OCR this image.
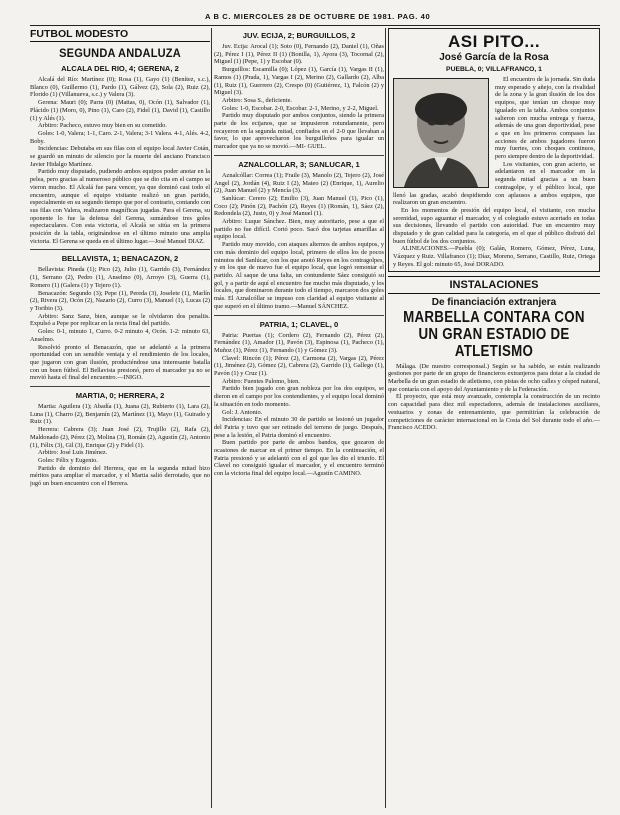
A B C. MIERCOLES 28 DE OCTUBRE DE 1981. PAG. 40
FUTBOL MODESTO
SEGUNDA ANDALUZA
ALCALA DEL RIO, 4; GERENA, 2

Alcalá del Río: Martínez (0); Rosa (1), Gayo (1) (Benítez, s.c.), Blanco (0), Guillermo (1), Pardo (1), Gálvez (2), Sola (2), Ruiz (2), Florido (1) (Villanueva, s.c.) y Valera (3).

Gerena: Mauri (0); Parra (0) (Mattas, 0), Ocón (1), Salvador (1), Plácido (1) (Moro, 0), Pino (1), Caro (2), Fidel (1), David (1), Castillo (1) y Alés (1).

Arbitro: Pacheco, estuvo muy bien en su cometido.

Goles: 1-0, Valera; 1-1, Caro. 2-1, Valera; 3-1 Valera. 4-1, Alés. 4-2, Boby.

Incidencias: Debutaba en sus filas con el equipo local Javier Cotán, se guardó un minuto de silencio por la muerte del anciano Francisco Javier Hidalgo Martínez.

Partido muy disputado, pudiendo ambos equipos poder anotar en la pelea, pero gracias al numeroso público que se dio cita en el campo se vieron mucho. El Alcalá fue para vencer, ya que dominó casi todo el encuentro, aunque el equipo visitante realizó un gran partido, especialmente en su segundo tiempo que por el contrario, contando con sus filas con Valera, realizaron magníficas jugadas. Para el Gerena, su oponente lo fue la defensa del Gerena, sumándose tres goles espectaculares. Con esta victoria, el Alcalá se sitúa en la primera posición de la tabla, originándose en el último minuto una amplia victoria. El Gerena se queda en el último lugar.—José Manuel DIAZ.

BELLAVISTA, 1; BENACAZON, 2

Bellavista: Pineda (1); Pico (2), Julio (1), Garrido (3), Fernández (1), Serrano (2), Pedro (1), Anselmo (0), Arroyo (3), Guerra (1), Romero (1) (Galera (1) y Tejero (1).

Benacazón: Segundo (3); Pepe (1), Pereda (3), Joselete (1), Marlín (2), Rivera (2), Ocón (2), Nazario (2), Curro (3), Manuel (1), Lucas (2) y Toribio (3).

Arbitro: Sanz Sanz, bien, aunque se le olvidaron dos penaltis. Expulsó a Pepe por replicar en la recta final del partido.

Goles: 0-1, minuto 1, Curro. 0-2 minuto 4, Ocón. 1-2: minuto 63, Anselmo.

Resolvió pronto el Benacazón, que se adelantó a la primera oportunidad con un sensible ventaja y el rendimiento de los locales, que jugaron con gran ilusión, produciéndose una interesante batalla con un buen fútbol. El Bellavista presionó, pero el marcador ya no se movió hasta el final del encuentro.—INIGO.

MARTIA, 0; HERRERA, 2

Martia: Aguilera (1); Abadía (1), Juana (2), Rubierto (1), Lara (2), Luna (1), Charro (2), Benjamín (2), Martínez (1), Mayo (1), Guirado y Ruiz (1).

Herrera: Cabrera (3); Juan José (2), Trujillo (2), Rafa (2), Maldonado (2), Pérez (2), Molina (3), Román (2), Agustín (2), Antonio (1), Félix (3), Gil (3), Enrique (2) y Fidel (1).

Arbitro: José Luis Jiménez.

Goles: Félix y Eugenio.

Partido de dominio del Herrera, que en la segunda mitad hizo méritos para ampliar el marcador, y el Martia salió derrotado, que no jugó un buen encuentro con el Herrera.

JUV. ECIJA, 2; BURGUILLOS, 2

Juv. Ecija: Arocal (1); Soto (0), Fernando (2), Daniel (1), Oñas (2), Pérez I (1), Pérez II (1) (Bonilla, 1), Ayora (3), Tocornal (2), Miguel (1) (Pepe, 1) y Escobar (0).

Burguillos: Escamilla (0); López (1), García (1), Vargas II (1), Ramos (1) (Prada, 1), Vargas I (2), Merino (2), Gallardo (2), Alba (1), Ruiz (1), Guerrero (2), Crespo (0) (Gutiérrez, 1), Falcón (2) y Miguel (3).

Arbitro: Sosa S., deficiente.

Goles: 1-0, Escobar. 2-0, Escobar. 2-1, Merino, y 2-2, Miguel.

Partido muy disputado por ambos conjuntos, siendo la primera parte de los ecijanos, que se impusieron rotundamente, pero recayeron en la segunda mitad, confiados en el 2-0 que llevaban a favor, lo que aprovecharon los burguilleños para igualar un marcador que ya no se movió.—MI- GUEL.

AZNALCOLLAR, 3; SANLUCAR, 1

Aznalcóllar: Correa (1); Fraile (3), Manolo (2), Tejero (2), José Angel (2), Jordán (4), Ruiz I (2), Mateo (2) (Enrique, 1), Aurelio (2), Juan Manuel (2) y Mencía (3).

Sanlúcar: Cerero (2); Emilio (3), Juan Manuel (1), Pico (1), Coco (2); Pinón (2), Pachón (2), Reyes (1) (Román, 1), Sáez (2), Redondela (2), Justo, 0) y José Manuel (1).

Arbitro: Luque Sánchez. Bien, muy autoritario, pese a que el partido no fue difícil. Cortó poco. Sacó dos tarjetas amarillas al equipo local.

Partido muy movido, con ataques alternos de ambos equipos, y con más dominio del equipo local, primero de ellos los de pocos minutos del Sanlúcar, con los que anotó Reyes en los contragolpes, y en los que de nuevo fue el equipo local, que logró remontar el partido. Al saque de una falta, un contundente Sáez consiguió su gol, y a partir de aquí el encuentro fue mucho más disputado, y los locales, que dominaron durante todo el tiempo, marcaron dos goles más. El Aznalcóllar se impuso con claridad al equipo visitante al que superó en el último tramo.—Manuel SÁNCHEZ.

PATRIA, 1; CLAVEL, 0

Patria: Puertas (1); Cordero (2), Fernando (2), Pérez (2), Fernández (1), Amador (1), Pavón (3), Espinosa (1), Pacheco (1), Muñoz (1), Pérez (1), Fernando (1) y Gómez (3).

Clavel: Rincón (1); Pérez (2), Carmona (2), Vargas (2), Pérez (1), Jiménez (2), Gómez (2), Cabrera (2), Garrido (1), Gallego (1), Pavón (1) y Cruz (1).

Arbitro: Fuentes Palomo, bien.

Partido bien jugado con gran nobleza por los dos equipos, se dieron en el campo por los contendientes, y el equipo local dominó la situación en todo momento.

Gol: J. Antonio.

Incidencias: En el minuto 30 de partido se lesionó un jugador del Patria y tuvo que ser retirado del terreno de juego. Después, pese a la lesión, el Patria dominó el encuentro.

Buen partido por parte de ambos bandos, que gozaron de ocasiones de marcar en el primer tiempo. En la continuación, el Patria presionó y se adelantó con el gol que les dio el triunfo. El Clavel no consiguió igualar el marcador, y el encuentro terminó con la victoria final del equipo local.—Agustín CAMINO.

ASI PITO...
José García de la Rosa
PUEBLA, 0; VILLAFRANCO, 1

El encuentro de la jornada. Sin duda muy esperado y añejo, con la rivalidad de la zona y la gran ilusión de los dos equipos, que tenían un choque muy igualado en la tabla. Ambos conjuntos salieron con mucha entrega y fuerza, además de una gran deportividad, pese a que en los primeros compases las acciones de ambos jugadores fueron muy fuertes, con choques continuos, pero siempre dentro de la deportividad.

Los visitantes, con gran acierto, se adelantaron en el marcador en la segunda mitad gracias a un buen contragolpe, y el público local, que llenó las gradas, acabó despidiendo con aplausos a ambos equipos, que realizaron un gran encuentro.

En los momentos de presión del equipo local, el visitante, con mucha serenidad, supo aguantar el marcador, y el colegiado estuvo acertado en todas sus decisiones, llevando el partido con autoridad. Fue un encuentro muy disputado y de gran calidad para la categoría, en el que el público disfrutó del buen fútbol de los dos conjuntos.

ALINEACIONES.—Puebla (0); Galán, Romero, Gómez, Pérez, Luna, Vázquez y Ruiz. Villafranco (1); Díaz, Moreno, Serrano, Castillo, Ruiz, Ortega y Reyes. El gol: minuto 65, José DORADO.

INSTALACIONES
De financiación extranjera
MARBELLA CONTARA CON UN GRAN ESTADIO DE ATLETISMO

Málaga. (De nuestro corresponsal.) Según se ha sabido, se están realizando gestiones por parte de un grupo de financieros extranjeros para dotar a la ciudad de Marbella de un gran estadio de atletismo, con pistas de ocho calles y césped natural, que contaría con el apoyo del Ayuntamiento y de la Federación.

El proyecto, que está muy avanzado, contempla la construcción de un recinto con capacidad para diez mil espectadores, además de instalaciones auxiliares, vestuarios y zonas de entrenamiento, que permitirían la celebración de competiciones de carácter internacional en la Costa del Sol durante todo el año.—Francisco ACEDO.
